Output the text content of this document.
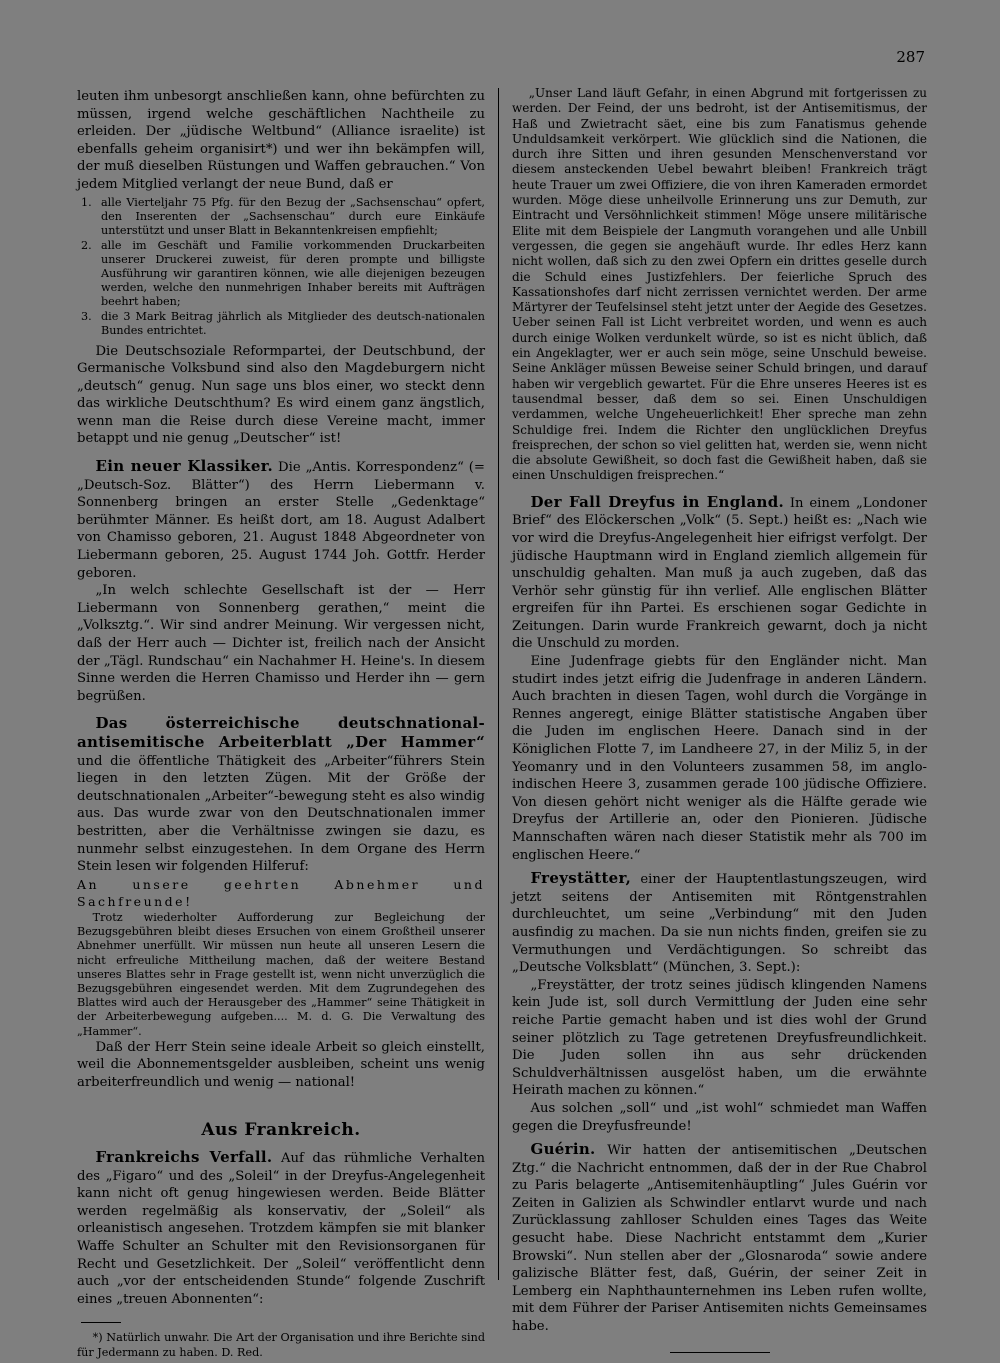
287

leuten ihm unbesorgt anschließen kann, ohne befürchten zu müssen, irgend welche geschäftlichen Nachtheile zu erleiden. Der „jüdische Weltbund“ (Alliance israelite) ist ebenfalls geheim organisirt*) und wer ihn bekämpfen will, der muß dieselben Rüstungen und Waffen gebrauchen.“ Von jedem Mitglied verlangt der neue Bund, daß er

1. alle Vierteljahr 75 Pfg. für den Bezug der „Sachsenschau“ opfert, den Inserenten der „Sachsenschau“ durch eure Einkäufe unterstützt und unser Blatt in Bekanntenkreisen empfiehlt;
2. alle im Geschäft und Familie vorkommenden Druckarbeiten unserer Druckerei zuweist, für deren prompte und billigste Ausführung wir garantiren können, wie alle diejenigen bezeugen werden, welche den nunmehrigen Inhaber bereits mit Aufträgen beehrt haben;
3. die 3 Mark Beitrag jährlich als Mitglieder des deutsch-nationalen Bundes entrichtet.

Die Deutschsoziale Reformpartei, der Deutschbund, der Germanische Volksbund sind also den Magdeburgern nicht „deutsch“ genug. Nun sage uns blos einer, wo steckt denn das wirkliche Deutschthum? Es wird einem ganz ängstlich, wenn man die Reise durch diese Vereine macht, immer betappt und nie genug „Deutscher“ ist!

Ein neuer Klassiker. Die „Antis. Korrespondenz“ (= „Deutsch-Soz. Blätter“) des Herrn Liebermann v. Sonnenberg bringen an erster Stelle „Gedenktage“ berühmter Männer. Es heißt dort, am 18. August Adalbert von Chamisso geboren, 21. August 1848 Abgeordneter von Liebermann geboren, 25. August 1744 Joh. Gottfr. Herder geboren.

„In welch schlechte Gesellschaft ist der — Herr Liebermann von Sonnenberg gerathen,“ meint die „Volksztg.“. Wir sind andrer Meinung. Wir vergessen nicht, daß der Herr auch — Dichter ist, freilich nach der Ansicht der „Tägl. Rundschau“ ein Nachahmer H. Heine's. In diesem Sinne werden die Herren Chamisso und Herder ihn — gern begrüßen.

Das österreichische deutschnational-antisemitische Arbeiterblatt „Der Hammer“ und die öffentliche Thätigkeit des „Arbeiter“führers Stein liegen in den letzten Zügen. Mit der Größe der deutschnationalen „Arbeiter“-bewegung steht es also windig aus. Das wurde zwar von den Deutschnationalen immer bestritten, aber die Verhältnisse zwingen sie dazu, es nunmehr selbst einzugestehen. In dem Organe des Herrn Stein lesen wir folgenden Hilferuf:

An unsere geehrten Abnehmer und Sachfreunde!

Trotz wiederholter Aufforderung zur Begleichung der Bezugsgebühren bleibt dieses Ersuchen von einem Großtheil unserer Abnehmer unerfüllt. Wir müssen nun heute all unseren Lesern die nicht erfreuliche Mittheilung machen, daß der weitere Bestand unseres Blattes sehr in Frage gestellt ist, wenn nicht unverzüglich die Bezugsgebühren eingesendet werden. Mit dem Zugrundegehen des Blattes wird auch der Herausgeber des „Hammer“ seine Thätigkeit in der Arbeiterbewegung aufgeben.... M. d. G. Die Verwaltung des „Hammer“.

Daß der Herr Stein seine ideale Arbeit so gleich einstellt, weil die Abonnementsgelder ausbleiben, scheint uns wenig arbeiterfreundlich und wenig — national!

Aus Frankreich.

Frankreichs Verfall. Auf das rühmliche Verhalten des „Figaro“ und des „Soleil“ in der Dreyfus-Angelegenheit kann nicht oft genug hingewiesen werden. Beide Blätter werden regelmäßig als konservativ, der „Soleil“ als orleanistisch angesehen. Trotzdem kämpfen sie mit blanker Waffe Schulter an Schulter mit den Revisionsorganen für Recht und Gesetzlichkeit. Der „Soleil“ veröffentlicht denn auch „vor der entscheidenden Stunde“ folgende Zuschrift eines „treuen Abonnenten“:

*) Natürlich unwahr. Die Art der Organisation und ihre Berichte sind für Jedermann zu haben. D. Red.

„Unser Land läuft Gefahr, in einen Abgrund mit fortgerissen zu werden. Der Feind, der uns bedroht, ist der Antisemitismus, der Haß und Zwietracht säet, eine bis zum Fanatismus gehende Unduldsamkeit verkörpert. Wie glücklich sind die Nationen, die durch ihre Sitten und ihren gesunden Menschenverstand vor diesem ansteckenden Uebel bewahrt bleiben! Frankreich trägt heute Trauer um zwei Offiziere, die von ihren Kameraden ermordet wurden. Möge diese unheilvolle Erinnerung uns zur Demuth, zur Eintracht und Versöhnlichkeit stimmen! Möge unsere militärische Elite mit dem Beispiele der Langmuth vorangehen und alle Unbill vergessen, die gegen sie angehäuft wurde. Ihr edles Herz kann nicht wollen, daß sich zu den zwei Opfern ein drittes geselle durch die Schuld eines Justizfehlers. Der feierliche Spruch des Kassationshofes darf nicht zerrissen vernichtet werden. Der arme Märtyrer der Teufelsinsel steht jetzt unter der Aegide des Gesetzes. Ueber seinen Fall ist Licht verbreitet worden, und wenn es auch durch einige Wolken verdunkelt würde, so ist es nicht üblich, daß ein Angeklagter, wer er auch sein möge, seine Unschuld beweise. Seine Ankläger müssen Beweise seiner Schuld bringen, und darauf haben wir vergeblich gewartet. Für die Ehre unseres Heeres ist es tausendmal besser, daß dem so sei. Einen Unschuldigen verdammen, welche Ungeheuerlichkeit! Eher spreche man zehn Schuldige frei. Indem die Richter den unglücklichen Dreyfus freisprechen, der schon so viel gelitten hat, werden sie, wenn nicht die absolute Gewißheit, so doch fast die Gewißheit haben, daß sie einen Unschuldigen freisprechen.“

Der Fall Dreyfus in England. In einem „Londoner Brief“ des Elöckerschen „Volk“ (5. Sept.) heißt es: „Nach wie vor wird die Dreyfus-Angelegenheit hier eifrigst verfolgt. Der jüdische Hauptmann wird in England ziemlich allgemein für unschuldig gehalten. Man muß ja auch zugeben, daß das Verhör sehr günstig für ihn verlief. Alle englischen Blätter ergreifen für ihn Partei. Es erschienen sogar Gedichte in Zeitungen. Darin wurde Frankreich gewarnt, doch ja nicht die Unschuld zu morden.

Eine Judenfrage giebts für den Engländer nicht. Man studirt indes jetzt eifrig die Judenfrage in anderen Ländern. Auch brachten in diesen Tagen, wohl durch die Vorgänge in Rennes angeregt, einige Blätter statistische Angaben über die Juden im englischen Heere. Danach sind in der Königlichen Flotte 7, im Landheere 27, in der Miliz 5, in der Yeomanry und in den Volunteers zusammen 58, im anglo-indischen Heere 3, zusammen gerade 100 jüdische Offiziere. Von diesen gehört nicht weniger als die Hälfte gerade wie Dreyfus der Artillerie an, oder den Pionieren. Jüdische Mannschaften wären nach dieser Statistik mehr als 700 im englischen Heere.“

Freystätter, einer der Hauptentlastungszeugen, wird jetzt seitens der Antisemiten mit Röntgenstrahlen durchleuchtet, um seine „Verbindung“ mit den Juden ausfindig zu machen. Da sie nun nichts finden, greifen sie zu Vermuthungen und Verdächtigungen. So schreibt das „Deutsche Volksblatt“ (München, 3. Sept.):

„Freystätter, der trotz seines jüdisch klingenden Namens kein Jude ist, soll durch Vermittlung der Juden eine sehr reiche Partie gemacht haben und ist dies wohl der Grund seiner plötzlich zu Tage getretenen Dreyfusfreundlichkeit. Die Juden sollen ihn aus sehr drückenden Schuldverhältnissen ausgelöst haben, um die erwähnte Heirath machen zu können.“

Aus solchen „soll“ und „ist wohl“ schmiedet man Waffen gegen die Dreyfusfreunde!

Guérin. Wir hatten der antisemitischen „Deutschen Ztg.“ die Nachricht entnommen, daß der in der Rue Chabrol zu Paris belagerte „Antisemitenhäuptling“ Jules Guérin vor Zeiten in Galizien als Schwindler entlarvt wurde und nach Zurücklassung zahlloser Schulden eines Tages das Weite gesucht habe. Diese Nachricht entstammt dem „Kurier Browski“. Nun stellen aber der „Glosnaroda“ sowie andere galizische Blätter fest, daß, Guérin, der seiner Zeit in Lemberg ein Naphthaunternehmen ins Leben rufen wollte, mit dem Führer der Pariser Antisemiten nichts Gemeinsames habe.
